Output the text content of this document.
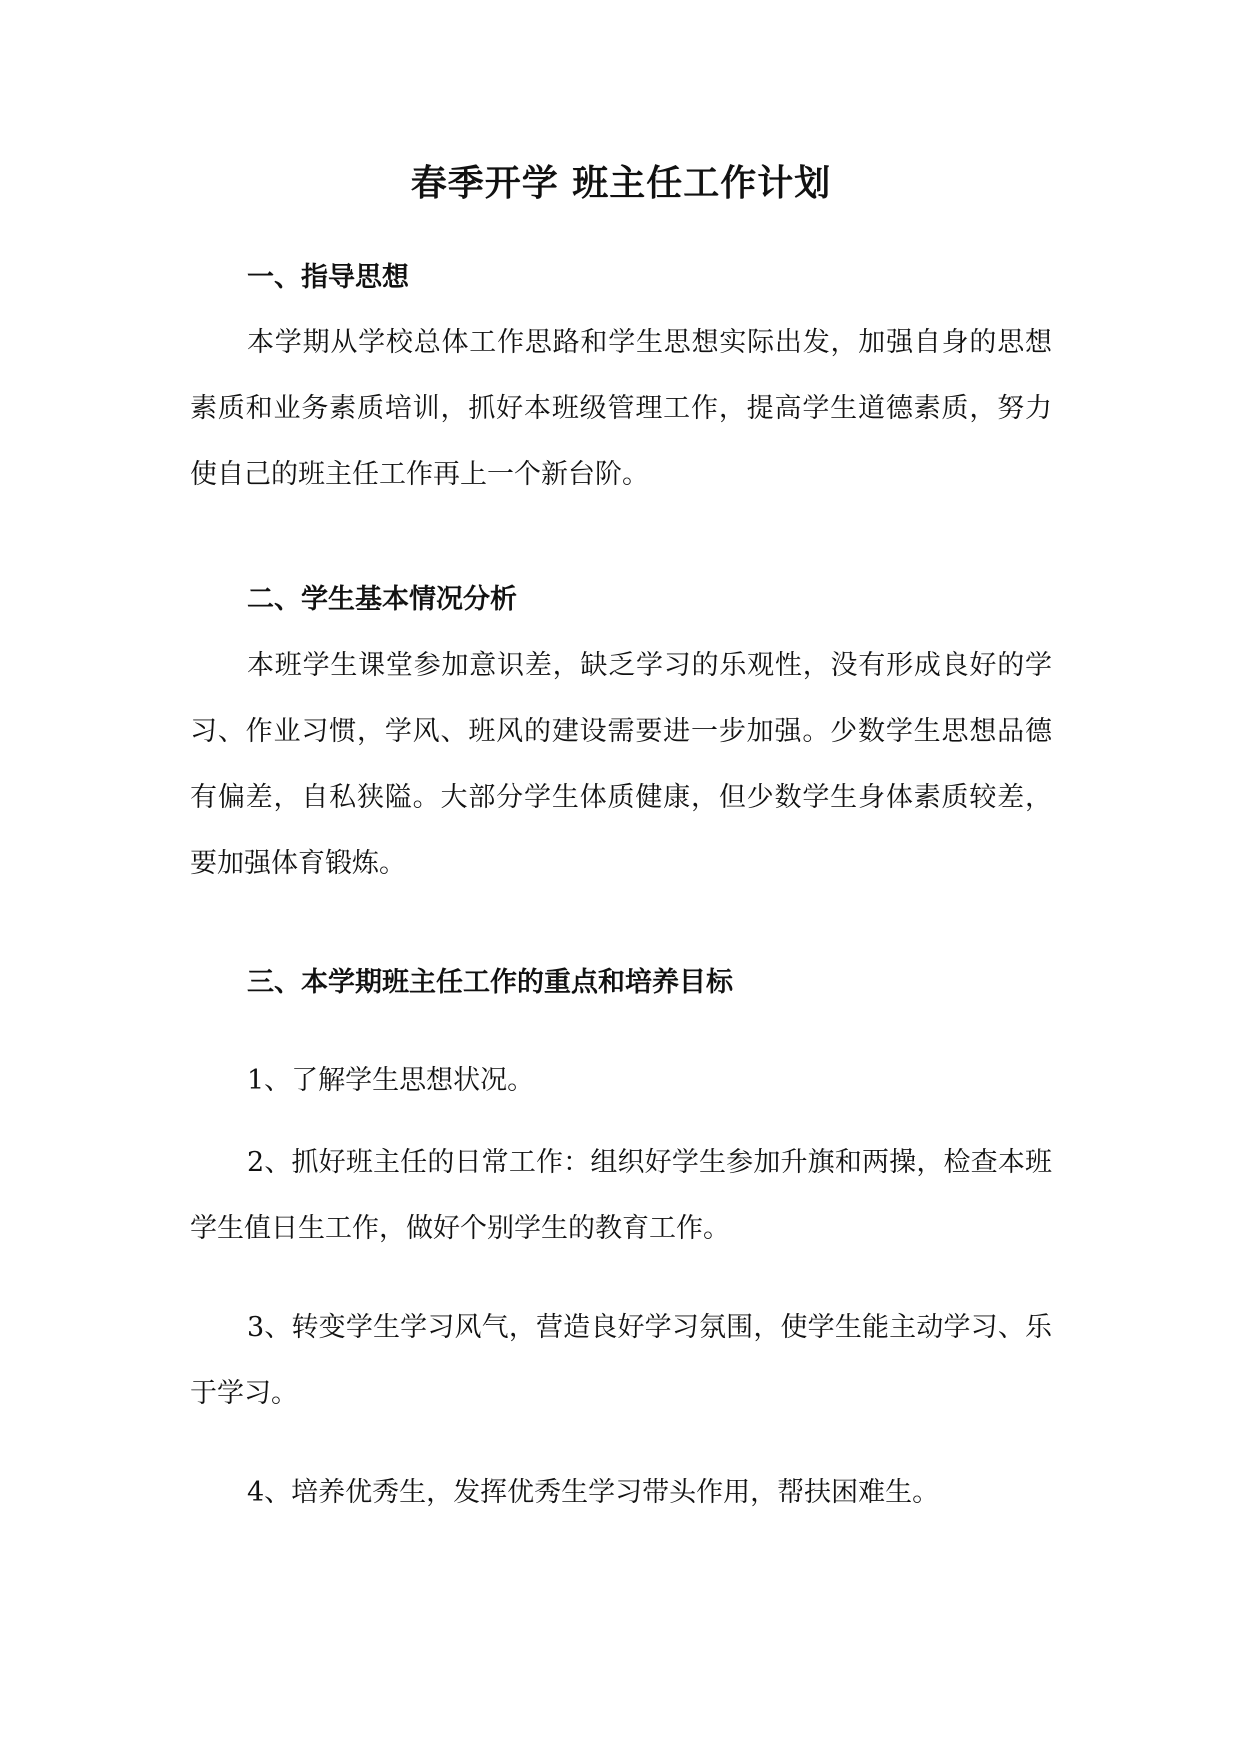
春季开学 班主任工作计划
一、指导思想

本学期从学校总体工作思路和学生思想实际出发，加强自身的思想素质和业务素质培训，抓好本班级管理工作，提高学生道德素质，努力使自己的班主任工作再上一个新台阶。

二、学生基本情况分析

本班学生课堂参加意识差，缺乏学习的乐观性，没有形成良好的学习、作业习惯，学风、班风的建设需要进一步加强。少数学生思想品德有偏差，自私狭隘。大部分学生体质健康，但少数学生身体素质较差，要加强体育锻炼。

三、本学期班主任工作的重点和培养目标

1、了解学生思想状况。

2、抓好班主任的日常工作：组织好学生参加升旗和两操，检查本班学生值日生工作，做好个别学生的教育工作。

3、转变学生学习风气，营造良好学习氛围，使学生能主动学习、乐于学习。

4、培养优秀生，发挥优秀生学习带头作用，帮扶困难生。
